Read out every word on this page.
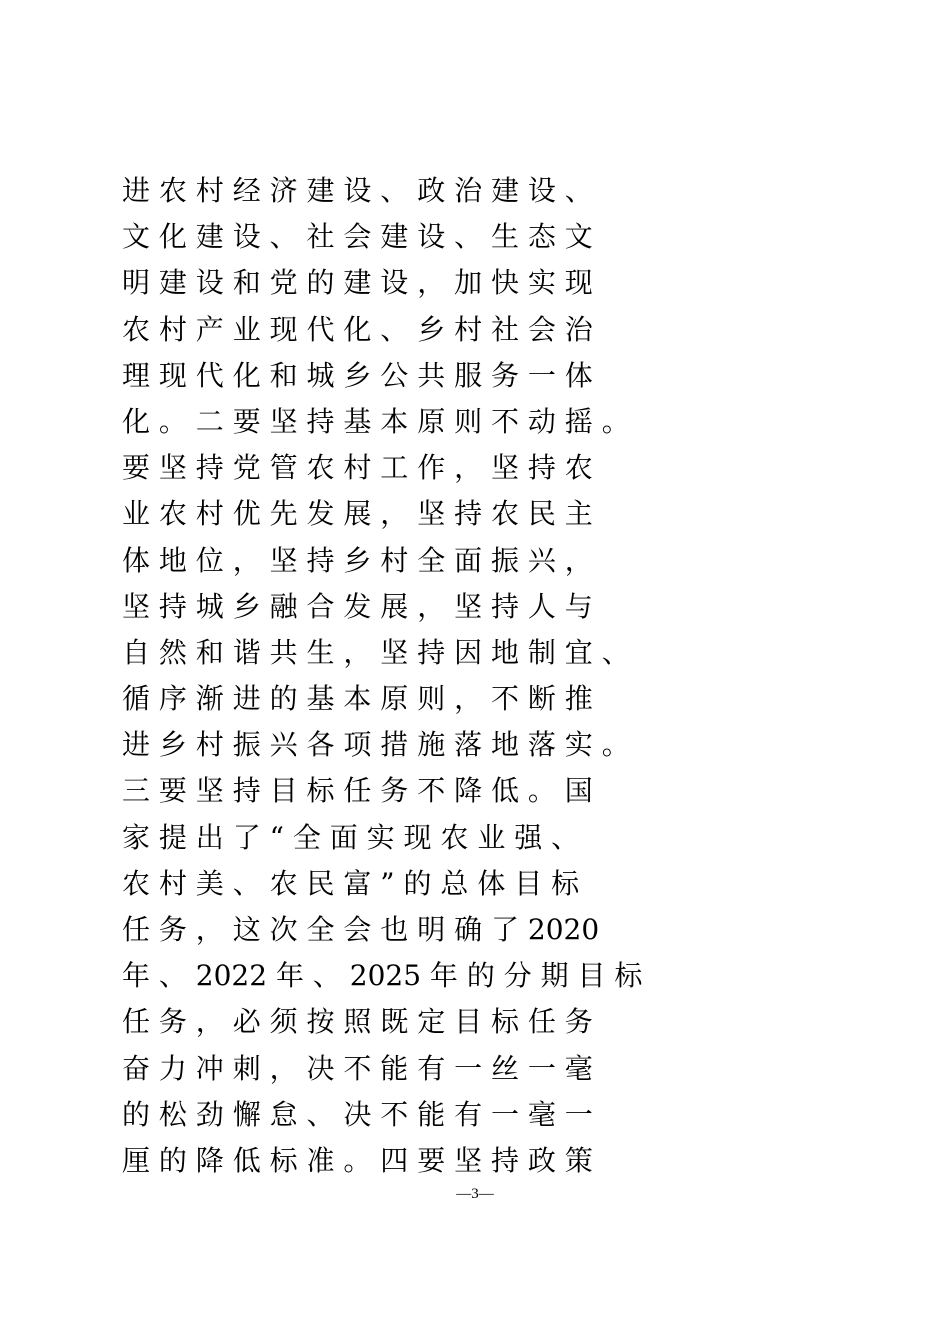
进 农 村 经 济 建 设 、 政 治 建 设 、
文 化 建 设 、 社 会 建 设 、 生 态 文
明 建 设 和 党 的 建 设 ， 加 快 实 现
农 村 产 业 现 代 化 、 乡 村 社 会 治
理 现 代 化 和 城 乡 公 共 服 务 一 体
化 。 二 要 坚 持 基 本 原 则 不 动 摇 。
要 坚 持 党 管 农 村 工 作 ， 坚 持 农
业 农 村 优 先 发 展 ， 坚 持 农 民 主
体 地 位 ， 坚 持 乡 村 全 面 振 兴 ，
坚 持 城 乡 融 合 发 展 ， 坚 持 人 与
自 然 和 谐 共 生 ， 坚 持 因 地 制 宜 、
循 序 渐 进 的 基 本 原 则 ， 不 断 推
进 乡 村 振 兴 各 项 措 施 落 地 落 实 。
三 要 坚 持 目 标 任 务 不 降 低 。 国
家 提 出 了 “ 全 面 实 现 农 业 强 、
农 村 美 、 农 民 富 ” 的 总 体 目 标
任 务 ， 这 次 全 会 也 明 确 了 2020
年 、 2022 年 、 2025 年 的 分 期 目 标
任 务 ， 必 须 按 照 既 定 目 标 任 务
奋 力 冲 刺 ， 决 不 能 有 一 丝 一 毫
的 松 劲 懈 怠 、 决 不 能 有 一 毫 一
厘 的 降 低 标 准 。 四 要 坚 持 政 策
—3—
